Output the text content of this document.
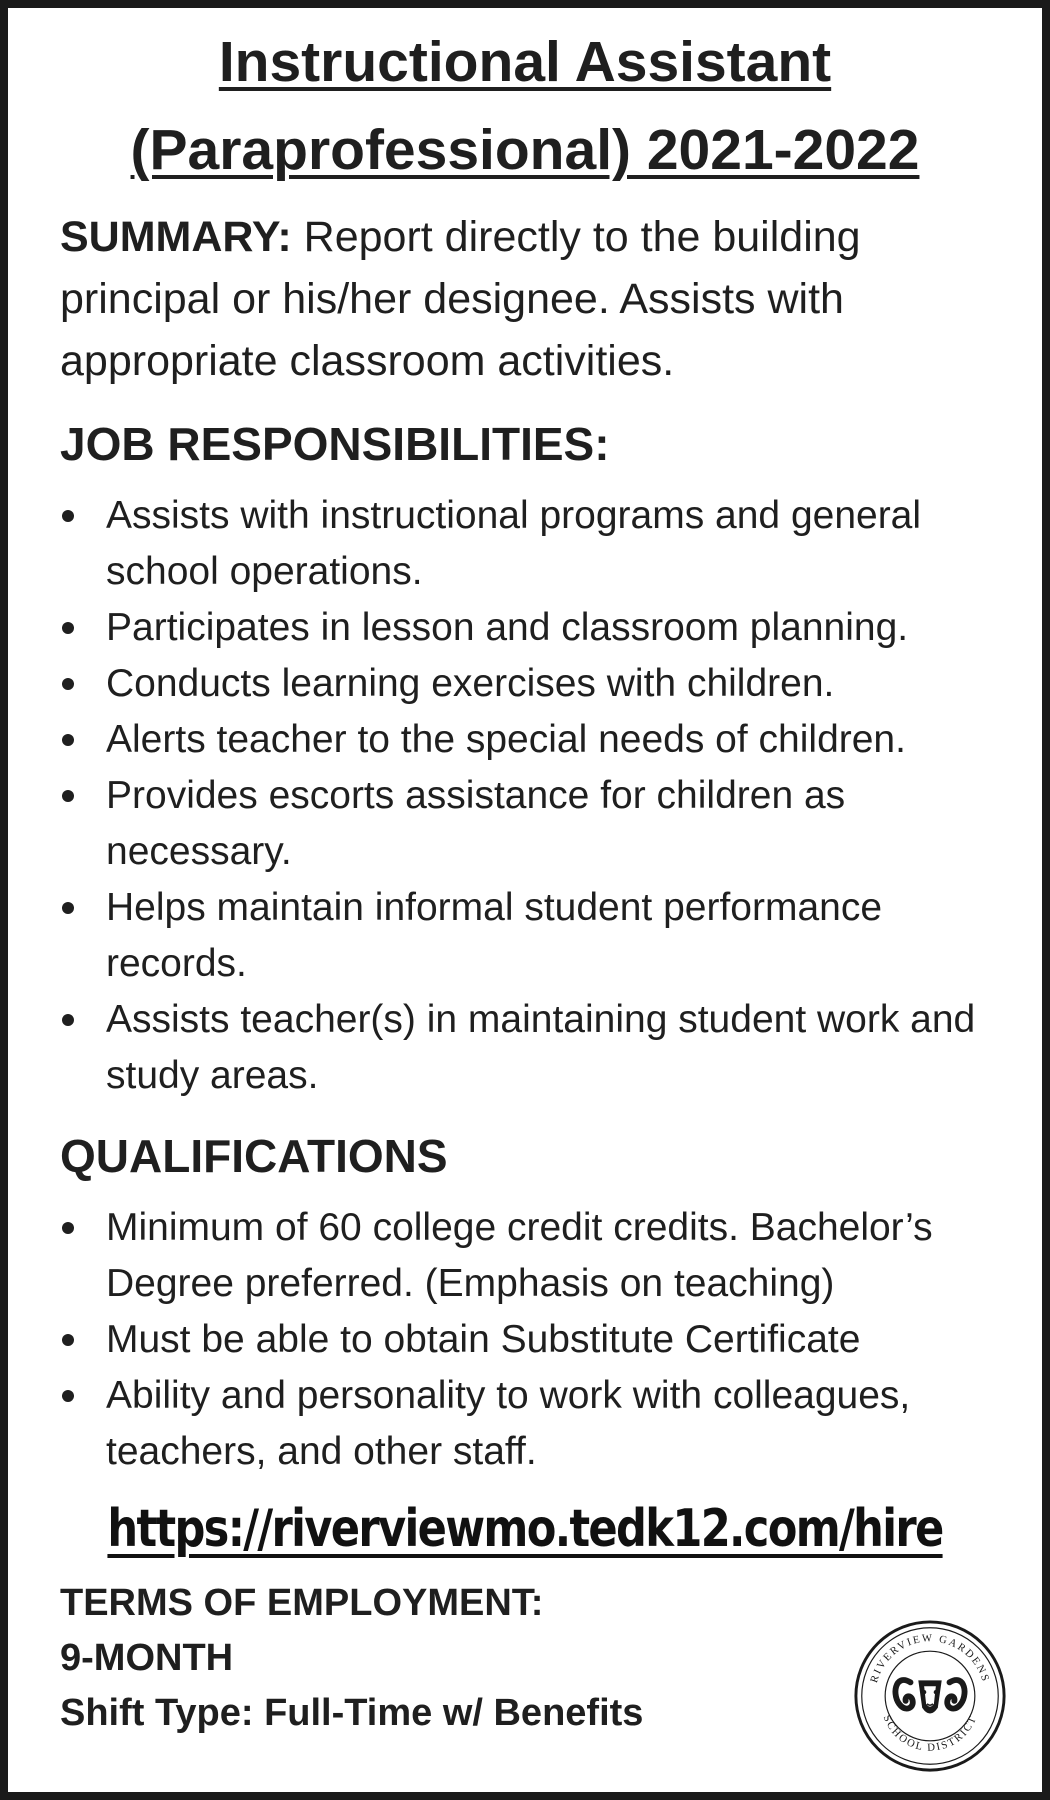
Instructional Assistant
(Paraprofessional) 2021-2022

SUMMARY: Report directly to the building principal or his/her designee. Assists with appropriate classroom activities.

JOB RESPONSIBILITIES:
Assists with instructional programs and general school operations.
Participates in lesson and classroom planning.
Conducts learning exercises with children.
Alerts teacher to the special needs of children.
Provides escorts assistance for children as necessary.
Helps maintain informal student performance records.
Assists teacher(s) in maintaining student work and study areas.
QUALIFICATIONS
Minimum of 60 college credit credits. Bachelor’s Degree preferred. (Emphasis on teaching)
Must be able to obtain Substitute Certificate
Ability and personality to work with colleagues, teachers, and other staff.
https://riverviewmo.tedk12.com/hire
TERMS OF EMPLOYMENT:
9-MONTH
Shift Type: Full-Time w/ Benefits
RIVERVIEW GARDENS
SCHOOL DISTRICT
